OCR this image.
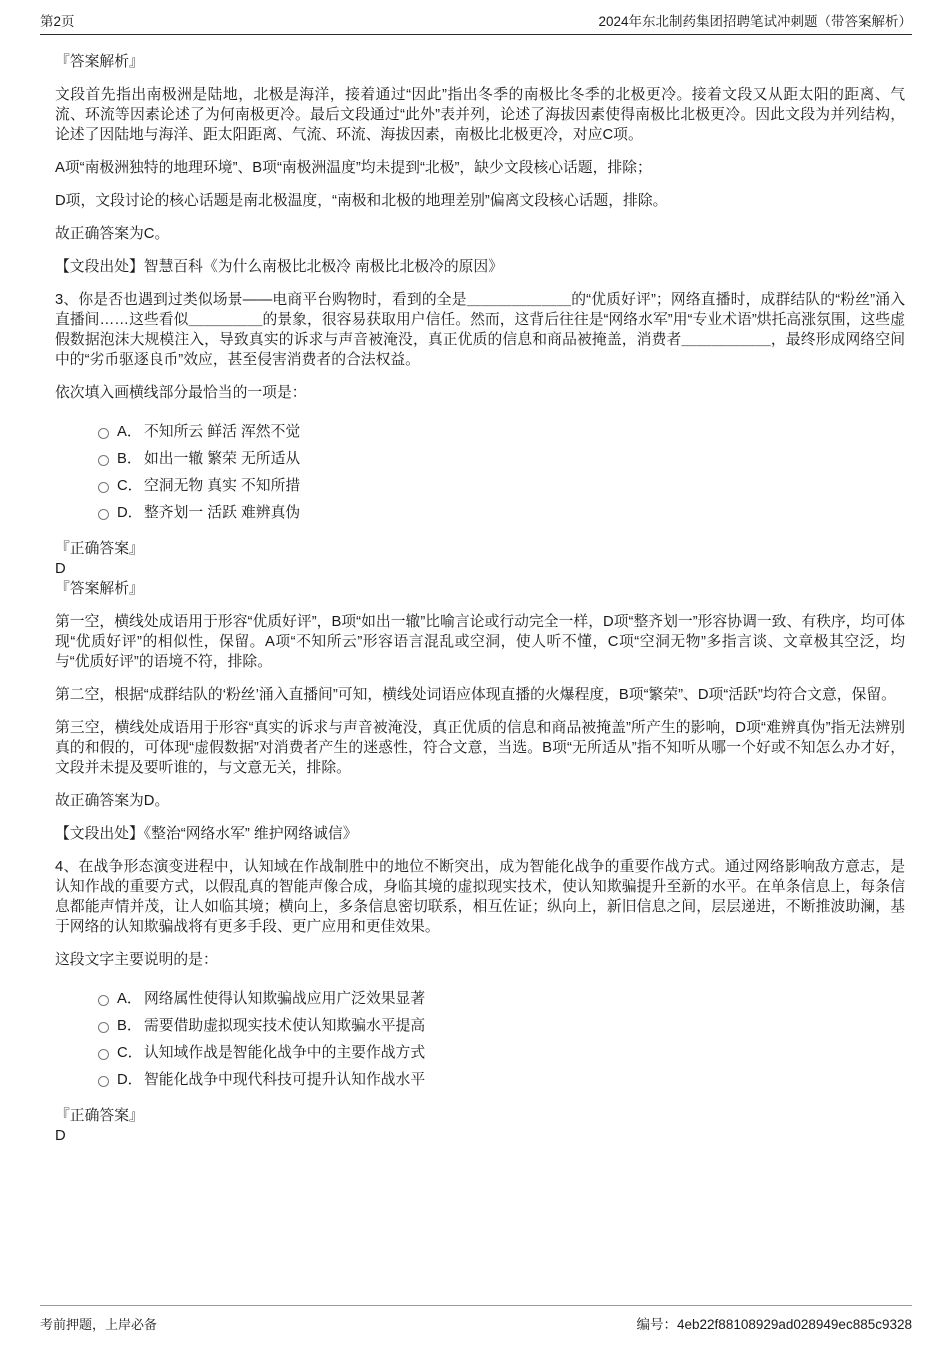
第2页	2024年东北制药集团招聘笔试冲刺题（带答案解析）

『答案解析』

文段首先指出南极洲是陆地，北极是海洋，接着通过“因此”指出冬季的南极比冬季的北极更冷。接着文段又从距太阳的距离、气流、环流等因素论述了为何南极更冷。最后文段通过“此外”表并列，论述了海拔因素使得南极比北极更冷。因此文段为并列结构，论述了因陆地与海洋、距太阳距离、气流、环流、海拔因素，南极比北极更冷，对应C项。

A项“南极洲独特的地理环境”、B项“南极洲温度”均未提到“北极”，缺少文段核心话题，排除；

D项，文段讨论的核心话题是南北极温度，“南极和北极的地理差别”偏离文段核心话题，排除。

故正确答案为C。

【文段出处】智慧百科《为什么南极比北极冷 南极比北极冷的原因》

3、你是否也遇到过类似场景——电商平台购物时，看到的全是＿＿＿＿＿＿＿的“优质好评”；网络直播时，成群结队的“粉丝”涌入直播间……这些看似＿＿＿＿＿的景象，很容易获取用户信任。然而，这背后往往是“网络水军”用“专业术语”烘托高涨氛围，这些虚假数据泡沫大规模注入，导致真实的诉求与声音被淹没，真正优质的信息和商品被掩盖，消费者＿＿＿＿＿＿，最终形成网络空间中的“劣币驱逐良币”效应，甚至侵害消费者的合法权益。

依次填入画横线部分最恰当的一项是：

A． 不知所云 鲜活 浑然不觉
B． 如出一辙 繁荣 无所适从
C． 空洞无物 真实 不知所措
D． 整齐划一 活跃 难辨真伪

『正确答案』

D

『答案解析』

第一空，横线处成语用于形容“优质好评”，B项“如出一辙”比喻言论或行动完全一样，D项“整齐划一”形容协调一致、有秩序，均可体现“优质好评”的相似性，保留。A项“不知所云”形容语言混乱或空洞，使人听不懂，C项“空洞无物”多指言谈、文章极其空泛，均与“优质好评”的语境不符，排除。

第二空，根据“成群结队的‘粉丝’涌入直播间”可知，横线处词语应体现直播的火爆程度，B项“繁荣”、D项“活跃”均符合文意，保留。

第三空，横线处成语用于形容“真实的诉求与声音被淹没，真正优质的信息和商品被掩盖”所产生的影响，D项“难辨真伪”指无法辨别真的和假的，可体现“虚假数据”对消费者产生的迷惑性，符合文意，当选。B项“无所适从”指不知听从哪一个好或不知怎么办才好，文段并未提及要听谁的，与文意无关，排除。

故正确答案为D。

【文段出处】《整治“网络水军” 维护网络诚信》

4、在战争形态演变进程中，认知域在作战制胜中的地位不断突出，成为智能化战争的重要作战方式。通过网络影响敌方意志，是认知作战的重要方式，以假乱真的智能声像合成，身临其境的虚拟现实技术，使认知欺骗提升至新的水平。在单条信息上，每条信息都能声情并茂，让人如临其境；横向上，多条信息密切联系，相互佐证；纵向上，新旧信息之间，层层递进，不断推波助澜，基于网络的认知欺骗战将有更多手段、更广应用和更佳效果。

这段文字主要说明的是：

A． 网络属性使得认知欺骗战应用广泛效果显著
B． 需要借助虚拟现实技术使认知欺骗水平提高
C． 认知域作战是智能化战争中的主要作战方式
D． 智能化战争中现代科技可提升认知作战水平

『正确答案』

D

考前押题，上岸必备	编号：4eb22f88108929ad028949ec885c9328
